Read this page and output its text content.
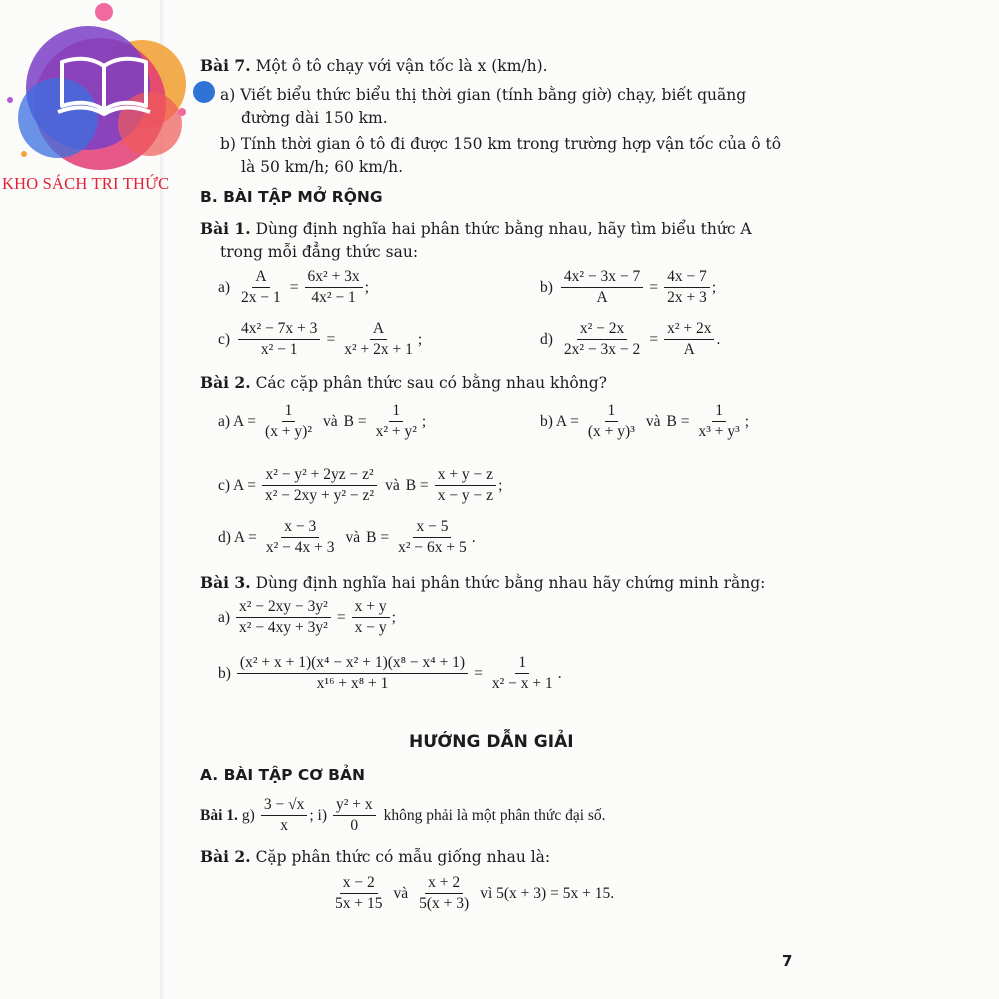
KHO SÁCH TRI THỨC
Bài 7. Một ô tô chạy với vận tốc là x (km/h).
a) Viết biểu thức biểu thị thời gian (tính bằng giờ) chạy, biết quãng
đường dài 150 km.
b) Tính thời gian ô tô đi được 150 km trong trường hợp vận tốc của ô tô
là 50 km/h; 60 km/h.
B. BÀI TẬP MỞ RỘNG
Bài 1. Dùng định nghĩa hai phân thức bằng nhau, hãy tìm biểu thức A
trong mỗi đẳng thức sau:
$a) \frac{A}{2x - 1} = \frac{\text{6x² + 3x}}{\text{4x² − 1}}$ ;	$b) \frac{\text{4x² − 3x − 7}}{A} = \frac{4x - 7}{2x + 3}$ ;
$c) \frac{\text{4x² − 7x + 3}}{\text{x² − 1}} = \frac{A}{\text{x² + 2x + 1}}$ ;	$d) \frac{\text{x² − 2x}}{\text{2x² − 3x − 2}} = \frac{\text{x² + 2x}}{A}$ .
Bài 2. Các cặp phân thức sau có bằng nhau không?
a) $A = \frac{1}{\text{(x + y)²}}$ và $B = \frac{1}{\text{x² + y²}}$ ;	b) $A = \frac{1}{\text{(x + y)³}}$ và $B = \frac{1}{\text{x³ + y³}}$ ;
c) $A = \frac{\text{x² − y² + 2yz − z²}}{\text{x² − 2xy + y² − z²}}$ và $B = \frac{x + y - z}{x - y - z}$ ;
d) $A = \frac{x - 3}{\text{x² − 4x + 3}}$ và $B = \frac{x - 5}{\text{x² − 6x + 5}}$ .
Bài 3. Dùng định nghĩa hai phân thức bằng nhau hãy chứng minh rằng:
$a) \frac{\text{x² − 2xy − 3y²}}{\text{x² − 4xy + 3y²}} = \frac{x + y}{x - y}$ ;
$b) \frac{\text{(x² + x + 1)(x⁴ − x² + 1)(x⁸ − x⁴ + 1)}}{\text{x¹⁶ + x⁸ + 1}} = \frac{1}{\text{x² − x + 1}}$ .
HƯỚNG DẪN GIẢI
A. BÀI TẬP CƠ BẢN
Bài 1. $g) \frac{3 - √x}{x}$ ; $i) \frac{\text{y² + x}}{0}$ không phải là một phân thức đại số.
Bài 2. Cặp phân thức có mẫu giống nhau là:
$\frac{x - 2}{5x + 15}$ và $\frac{x + 2}{5(x + 3)}$ vì 5(x + 3) = 5x + 15.
7
